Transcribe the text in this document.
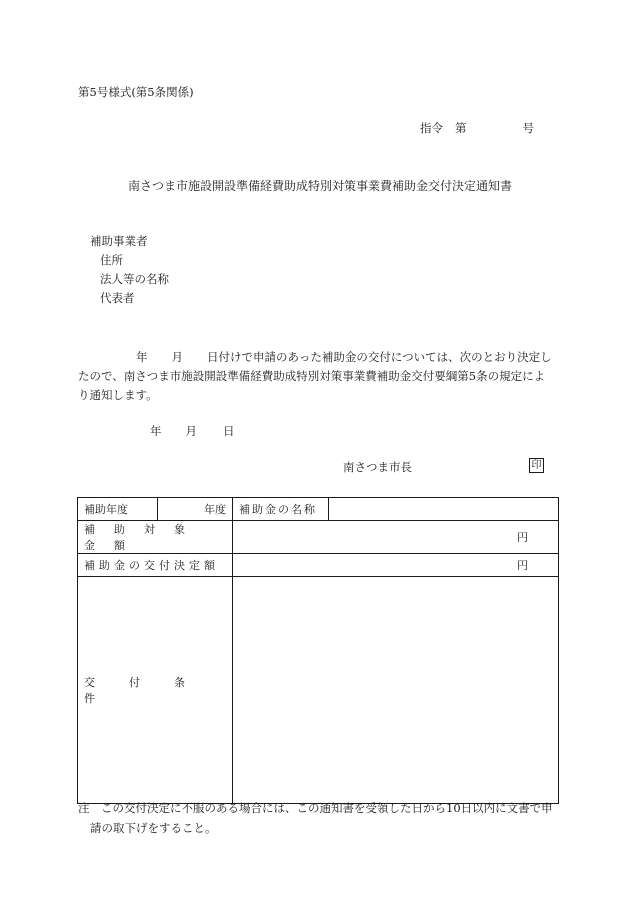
第5号様式(第5条関係)
指令 第	号
南さつま市施設開設準備経費助成特別対策事業費補助金交付決定通知書
補助事業者
住所
法人等の名称
代表者

年 月 日付けで申請のあった補助金の交付については、次のとおり決定し

たので、南さつま市施設開設準備経費助成特別対策事業費補助金交付要綱第5条の規定によ

り通知します。

年 月 日
南さつま市長	印
補助年度	年度	補助金の名称	

補助対象金額		円	

補助金の交付決定額		円	

交付条件			

注　この交付決定に不服のある場合には、この通知書を受領した日から10日以内に文書で申

請の取下げをすること。
